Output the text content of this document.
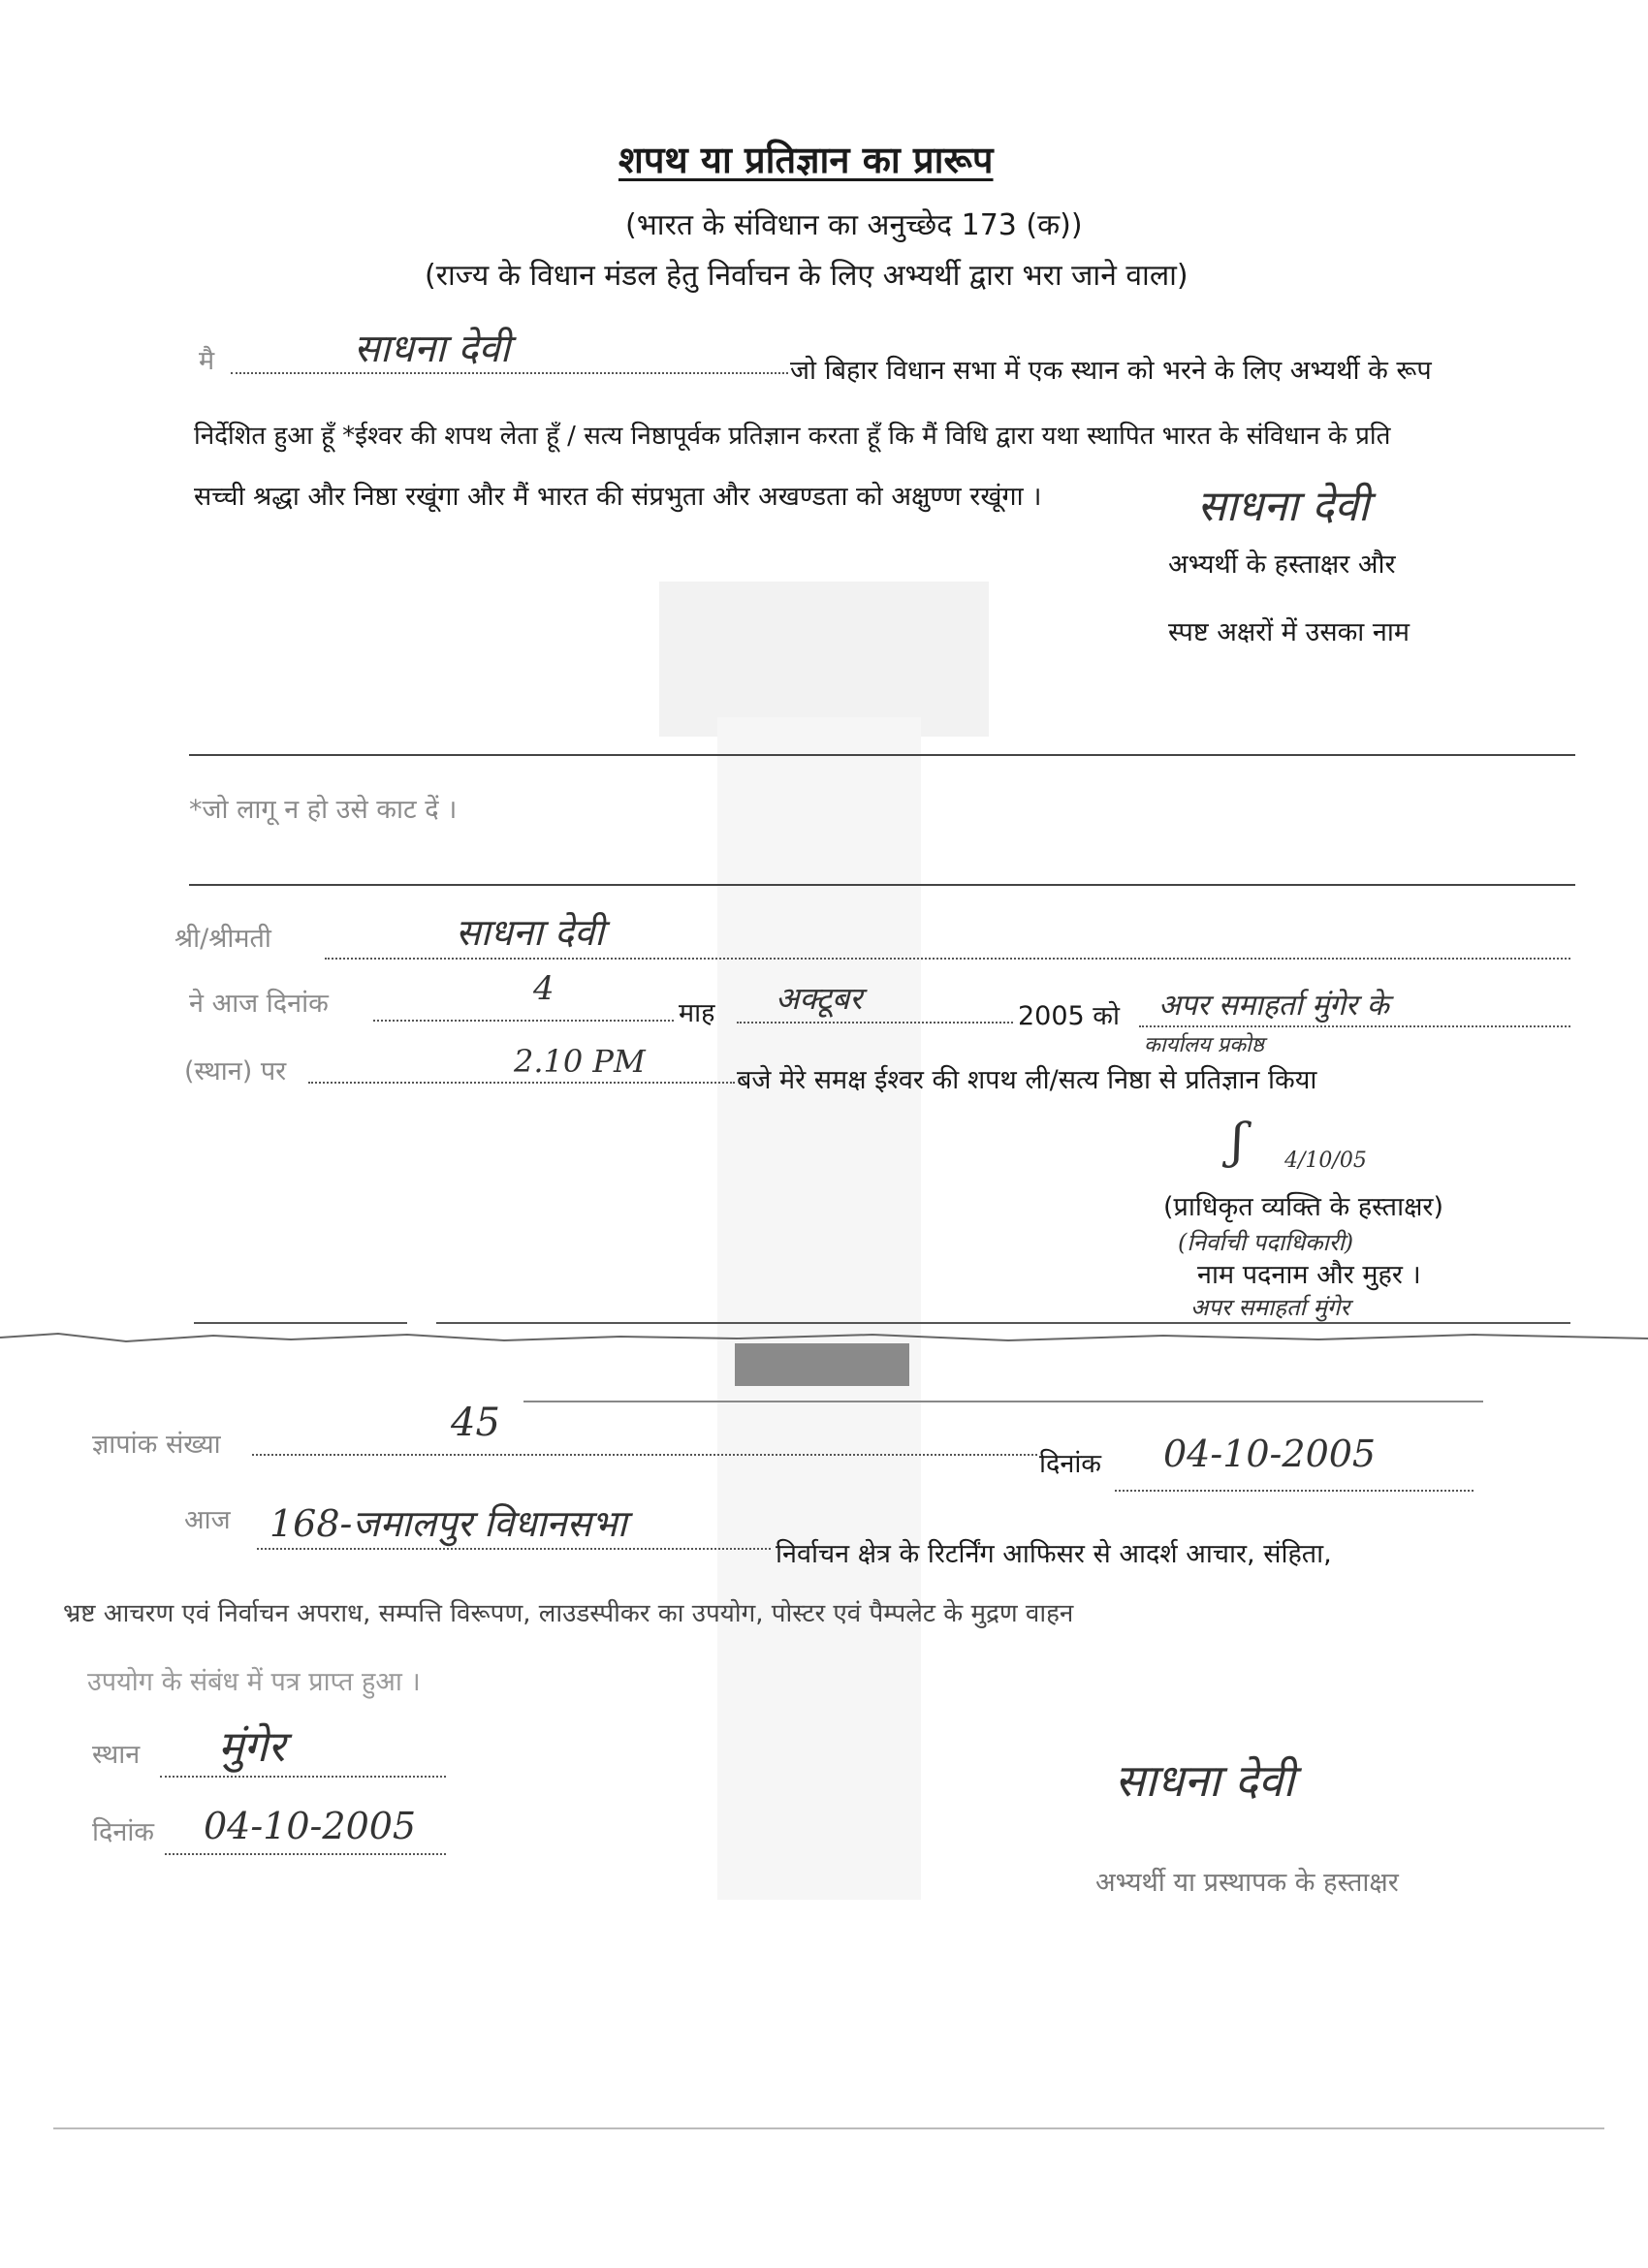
शपथ या प्रतिज्ञान का प्रारूप
(भारत के संविधान का अनुच्छेद 173 (क))
(राज्य के विधान मंडल हेतु निर्वाचन के लिए अभ्यर्थी द्वारा भरा जाने वाला)
मै	साधना देवी	जो बिहार विधान सभा में एक स्थान को भरने के लिए अभ्यर्थी के रूप
निर्देशित हुआ हूँ *ईश्वर की शपथ लेता हूँ / सत्य निष्ठापूर्वक प्रतिज्ञान करता हूँ कि मैं विधि द्वारा यथा स्थापित भारत के संविधान के प्रति
सच्ची श्रद्धा और निष्ठा रखूंगा और मैं भारत की संप्रभुता और अखण्डता को अक्षुण्ण रखूंगा ।	साधना देवी
अभ्यर्थी के हस्ताक्षर और
स्पष्ट अक्षरों में उसका नाम
*जो लागू न हो उसे काट दें ।
श्री/श्रीमती	साधना देवी
ने आज दिनांक	4
माह अक्टूबर	2005 को अपर समाहर्ता मुंगेर के
कार्यालय प्रकोष्ठ
(स्थान) पर	2.10 PM
बजे मेरे समक्ष ईश्वर की शपथ ली/सत्य निष्ठा से प्रतिज्ञान किया
ʃ 4/10/05
(प्राधिकृत व्यक्ति के हस्ताक्षर)
(निर्वाची पदाधिकारी)
नाम पदनाम और मुहर ।
अपर समाहर्ता मुंगेर
ज्ञापांक संख्या	45
दिनांक 04-10-2005
आज 168-जमालपुर विधानसभा
निर्वाचन क्षेत्र के रिटर्निंग आफिसर से आदर्श आचार, संहिता,
भ्रष्ट आचरण एवं निर्वाचन अपराध, सम्पत्ति विरूपण, लाउडस्पीकर का उपयोग, पोस्टर एवं पैम्पलेट के मुद्रण वाहन
उपयोग के संबंध में पत्र प्राप्त हुआ ।
स्थान मुंगेर
दिनांक 04-10-2005
साधना देवी
अभ्यर्थी या प्रस्थापक के हस्ताक्षर
